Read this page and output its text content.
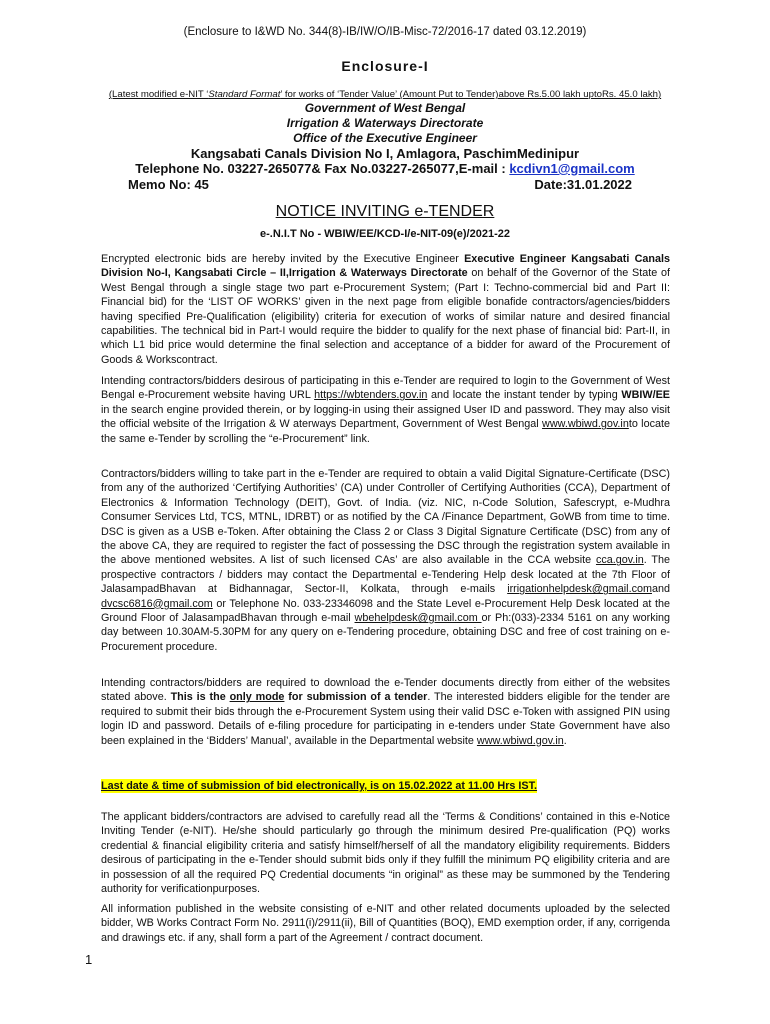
(Enclosure to I&WD No. 344(8)-IB/IW/O/IB-Misc-72/2016-17 dated 03.12.2019)
Enclosure-I
(Latest modified e-NIT ‘Standard Format’ for works of ‘Tender Value’ (Amount Put to Tender)above Rs.5.00 lakh uptoRs. 45.0 lakh)
Government of West Bengal
Irrigation & Waterways Directorate
Office of the Executive Engineer
Kangsabati Canals Division No I, Amlagora, PaschimMedinipur
Telephone No. 03227-265077& Fax No.03227-265077,E-mail : kcdivn1@gmail.com
Memo No: 45	Date:31.01.2022
NOTICE INVITING e-TENDER
e-.N.I.T No - WBIW/EE/KCD-I/e-NIT-09(e)/2021-22

Encrypted electronic bids are hereby invited by the Executive Engineer Executive Engineer Kangsabati Canals Division No-I, Kangsabati Circle – II,Irrigation & Waterways Directorate on behalf of the Governor of the State of West Bengal through a single stage two part e-Procurement System; (Part I: Techno-commercial bid and Part II: Financial bid) for the ‘LIST OF WORKS’ given in the next page from eligible bonafide contractors/agencies/bidders having specified Pre-Qualification (eligibility) criteria for execution of works of similar nature and desired financial capabilities. The technical bid in Part-I would require the bidder to qualify for the next phase of financial bid: Part-II, in which L1 bid price would determine the final selection and acceptance of a bidder for award of the Procurement of Goods & Workscontract.

Intending contractors/bidders desirous of participating in this e-Tender are required to login to the Government of West Bengal e-Procurement website having URL https://wbtenders.gov.in and locate the instant tender by typing WBIW/EE in the search engine provided therein, or by logging-in using their assigned User ID and password. They may also visit the official website of the Irrigation & W aterways Department, Government of West Bengal www.wbiwd.gov.into locate the same e-Tender by scrolling the “e-Procurement” link.

Contractors/bidders willing to take part in the e-Tender are required to obtain a valid Digital Signature-Certificate (DSC) from any of the authorized ‘Certifying Authorities’ (CA) under Controller of Certifying Authorities (CCA), Department of Electronics & Information Technology (DEIT), Govt. of India. (viz. NIC, n-Code Solution, Safescrypt, e-Mudhra Consumer Services Ltd, TCS, MTNL, IDRBT) or as notified by the CA /Finance Department, GoWB from time to time. DSC is given as a USB e-Token. After obtaining the Class 2 or Class 3 Digital Signature Certificate (DSC) from any of the above CA, they are required to register the fact of possessing the DSC through the registration system available in the above mentioned websites. A list of such licensed CAs’ are also available in the CCA website cca.gov.in. The prospective contractors / bidders may contact the Departmental e-Tendering Help desk located at the 7th Floor of JalasampadBhavan at Bidhannagar, Sector-II, Kolkata, through e-mails irrigationhelpdesk@gmail.comand dvcsc6816@gmail.com or Telephone No. 033-23346098 and the State Level e-Procurement Help Desk located at the Ground Floor of JalasampadBhavan through e-mail wbehelpdesk@gmail.com or Ph:(033)-2334 5161 on any working day between 10.30AM-5.30PM for any query on e-Tendering procedure, obtaining DSC and free of cost training on e-Procurement procedure.

Intending contractors/bidders are required to download the e-Tender documents directly from either of the websites stated above. This is the only mode for submission of a tender. The interested bidders eligible for the tender are required to submit their bids through the e-Procurement System using their valid DSC e-Token with assigned PIN using login ID and password. Details of e-filing procedure for participating in e-tenders under State Government have also been explained in the ‘Bidders’ Manual’, available in the Departmental website www.wbiwd.gov.in.

Last date & time of submission of bid electronically, is on 15.02.2022 at 11.00 Hrs IST.

The applicant bidders/contractors are advised to carefully read all the ‘Terms & Conditions’ contained in this e-Notice Inviting Tender (e-NIT). He/she should particularly go through the minimum desired Pre-qualification (PQ) works credential & financial eligibility criteria and satisfy himself/herself of all the mandatory eligibility requirements. Bidders desirous of participating in the e-Tender should submit bids only if they fulfill the minimum PQ eligibility criteria and are in possession of all the required PQ Credential documents “in original” as these may be summoned by the Tendering authority for verificationpurposes.

All information published in the website consisting of e-NIT and other related documents uploaded by the selected bidder, WB Works Contract Form No. 2911(i)/2911(ii), Bill of Quantities (BOQ), EMD exemption order, if any, corrigenda and drawings etc. if any, shall form a part of the Agreement / contract document.

1
